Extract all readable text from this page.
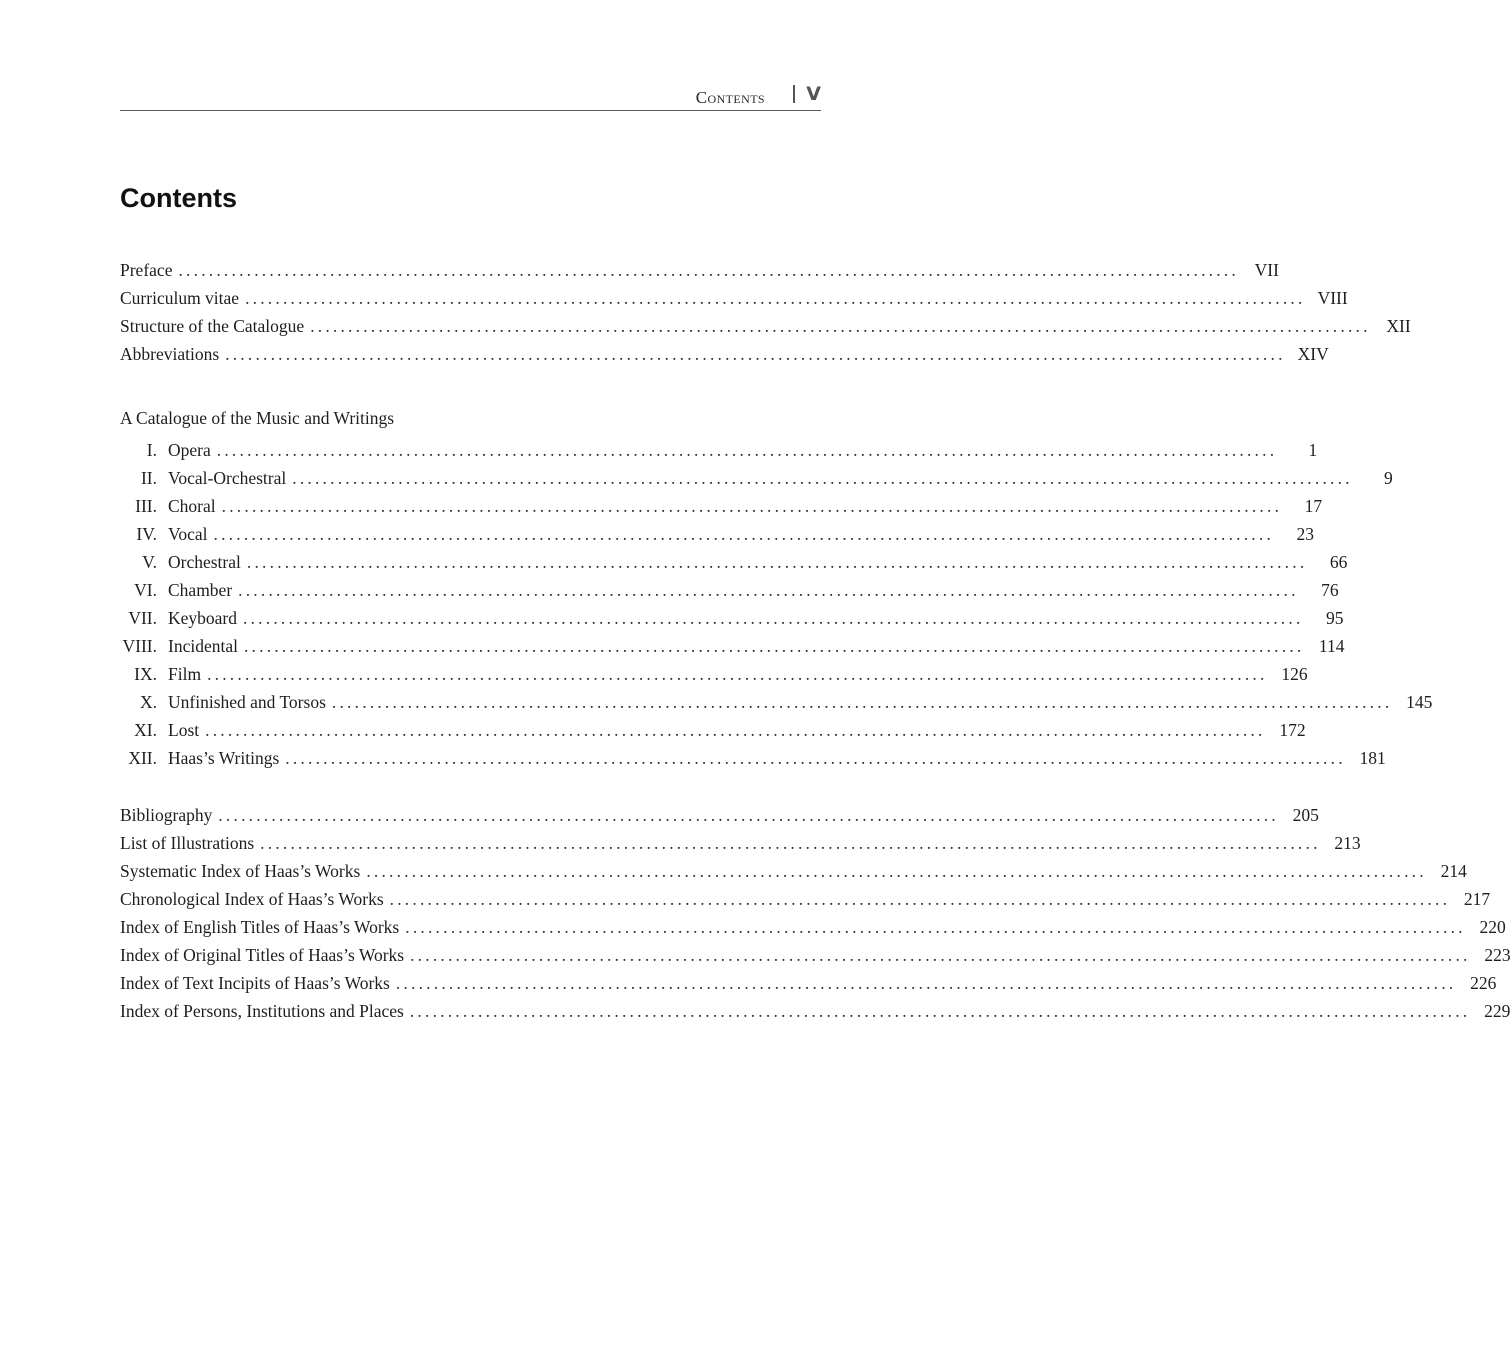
Contents V
Contents
Preface ............................................................................................................................................ VII
Curriculum vitae ............................................................................................................................................ VIII
Structure of the Catalogue ............................................................................................................................................ XII
Abbreviations ............................................................................................................................................ XIV
A Catalogue of the Music and Writings
I. Opera ............................................................................................................................................	1
II. Vocal-Orchestral ............................................................................................................................................	9
III. Choral ............................................................................................................................................	17
IV. Vocal ............................................................................................................................................	23
V. Orchestral ............................................................................................................................................	66
VI. Chamber ............................................................................................................................................	76
VII. Keyboard ............................................................................................................................................	95
VIII. Incidental ............................................................................................................................................ 114
IX. Film ............................................................................................................................................ 126
X. Unfinished and Torsos ............................................................................................................................................ 145
XI. Lost ............................................................................................................................................ 172
XII. Haas’s Writings ............................................................................................................................................ 181
Bibliography ............................................................................................................................................ 205
List of Illustrations ............................................................................................................................................ 213
Systematic Index of Haas’s Works ............................................................................................................................................ 214
Chronological Index of Haas’s Works ............................................................................................................................................ 217
Index of English Titles of Haas’s Works ............................................................................................................................................ 220
Index of Original Titles of Haas’s Works ............................................................................................................................................ 223
Index of Text Incipits of Haas’s Works ............................................................................................................................................ 226
Index of Persons, Institutions and Places ............................................................................................................................................ 229
